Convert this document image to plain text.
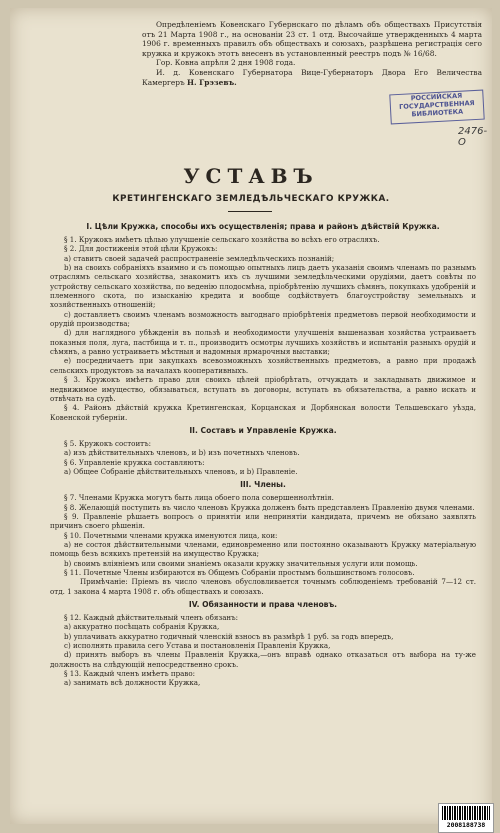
Опредѣленіемъ Ковенскаго Губернскаго по дѣламъ объ обществахъ Присутствія отъ 21 Марта 1908 г., на основаніи 23 ст. 1 отд. Высочайше утвержденныхъ 4 марта 1906 г. временныхъ правилъ объ обществахъ и союзахъ, разрѣшена регистрація сего кружка и кружокъ этотъ внесенъ въ установленный реестръ подъ № 16/68.

Гор. Ковна апрѣля 2 дня 1908 года.

И. д. Ковенскаго Губернатора Вице-Губернаторъ Двора Его Величества Камергеръ Н. Грэзевъ.

РОССИЙСКАЯ ГОСУДАРСТВЕННАЯ БИБЛИОТЕКА
2476-О
УСТАВЪ
КРЕТИНГЕНСКАГО ЗЕМЛЕДѢЛЬЧЕСКАГО КРУЖКА.
I. Цѣли Кружка, способы ихъ осуществленія; права и районъ дѣйствій Кружка.

§ 1. Кружокъ имѣетъ цѣлью улучшеніе сельскаго хозяйства во всѣхъ его отрасляхъ.

§ 2. Для достиженія этой цѣли Кружокъ:

а) ставитъ своей задачей распространеніе земледѣльческихъ познаній;

b) на своихъ собраніяхъ взаимно и съ помощью опытныхъ лицъ даетъ указанія своимъ членамъ по разнымъ отраслямъ сельскаго хозяйства, знакомитъ ихъ съ лучшими земледѣльческими орудіями, даетъ совѣты по устройству сельскаго хозяйства, по веденію плодосмѣна, пріобрѣтенію лучшихъ сѣмянъ, покупкахъ удобреній и племенного скота, по изысканію кредита и вообще содѣйствуетъ благоустройству земельныхъ и хозяйственныхъ отношеній;

c) доставляетъ своимъ членамъ возможность выгоднаго пріобрѣтенія предметовъ первой необходимости и орудій производства;

d) для наглядного убѣжденія въ пользѣ и необходимости улучшенія вышеназван хозяйства устраиваетъ показныя поля, луга, пастбища и т. п., производитъ осмотры лучшихъ хозяйствъ и испытанія разныхъ орудій и сѣмянъ, а равно устраиваетъ мѣстныя и надомныя ярмарочныя выставки;

e) посредничаетъ при закупкахъ всевозможныхъ хозяйственныхъ предметовъ, а равно при продажѣ сельскихъ продуктовъ за началахъ кооперативныхъ.

§ 3. Кружокъ имѣетъ право для своихъ цѣлей пріобрѣтать, отчуждать и закладывать движимое и недвижимое имущество, обязываться, вступать въ договоры, вступать въ обязательства, а равно искать и отвѣчать на судѣ.

§ 4. Районъ дѣйствій кружка Кретингенская, Корцанская и Дорбянская волости Тельшевскаго уѣзда, Ковенской губерніи.

II. Составъ и Управленіе Кружка.

§ 5. Кружокъ состоитъ:

а) изъ дѣйствительныхъ членовъ, и b) изъ почетныхъ членовъ.

§ 6. Управленіе кружка составляютъ:

а) Общее Собраніе дѣйствительныхъ членовъ, и b) Правленіе.

III. Члены.

§ 7. Членами Кружка могутъ быть лица обоего пола совершеннолѣтнія.

§ 8. Желающій поступить въ число членовъ Кружка долженъ быть представленъ Правленію двумя членами.

§ 9. Правленіе рѣшаетъ вопросъ о принятіи или непринятіи кандидата, причемъ не обязано заявлять причинъ своего рѣшенія.

§ 10. Почетными членами кружка именуются лица, кои:

а) не состоя дѣйствительными членами, единовременно или постоянно оказываютъ Кружку матеріальную помощь безъ всякихъ претензій на имущество Кружка;

b) своимъ вліяніемъ или своими знаніемъ оказали кружку значительныя услуги или помощь.

§ 11. Почетные Члены избираются въ Общемъ Собраніи простымъ большинствомъ голосовъ.

Примѣчаніе: Пріемъ въ число членовъ обусловливается точнымъ соблюденіемъ требованій 7—12 ст. отд. 1 закона 4 марта 1908 г. объ обществахъ и союзахъ.

IV. Обязанности и права членовъ.

§ 12. Каждый дѣйствительный членъ обязанъ:

а) аккуратно посѣщать собранія Кружка,

b) уплачивать аккуратно годичный членскій взносъ въ размѣрѣ 1 руб. за годъ впередъ,

c) исполнять правила сего Устава и постановленія Правленія Кружка,

d) принять выборъ въ члены Правленія Кружка,—онъ вправѣ однако отказаться отъ выбора на ту-же должность на слѣдующій непосредственно срокъ.

§ 13. Каждый членъ имѣетъ право:

а) занимать всѣ должности Кружка,

2008188738
